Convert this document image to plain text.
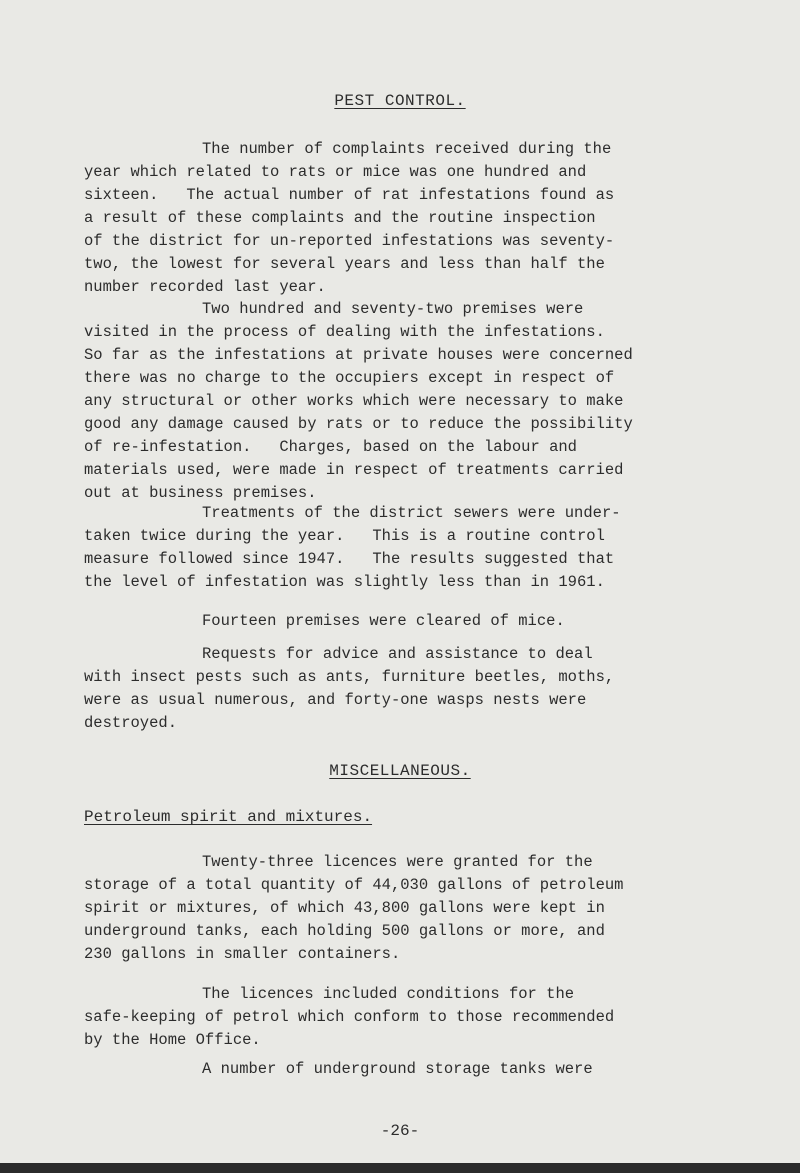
PEST CONTROL.

The number of complaints received during the
year which related to rats or mice was one hundred and
sixteen.   The actual number of rat infestations found as
a result of these complaints and the routine inspection
of the district for un-reported infestations was seventy-
two, the lowest for several years and less than half the
number recorded last year.

Two hundred and seventy-two premises were
visited in the process of dealing with the infestations.
So far as the infestations at private houses were concerned
there was no charge to the occupiers except in respect of
any structural or other works which were necessary to make
good any damage caused by rats or to reduce the possibility
of re-infestation.   Charges, based on the labour and
materials used, were made in respect of treatments carried
out at business premises.

Treatments of the district sewers were under-
taken twice during the year.   This is a routine control
measure followed since 1947.   The results suggested that
the level of infestation was slightly less than in 1961.

Fourteen premises were cleared of mice.

Requests for advice and assistance to deal
with insect pests such as ants, furniture beetles, moths,
were as usual numerous, and forty-one wasps nests were
destroyed.

MISCELLANEOUS.
Petroleum spirit and mixtures.

Twenty-three licences were granted for the
storage of a total quantity of 44,030 gallons of petroleum
spirit or mixtures, of which 43,800 gallons were kept in
underground tanks, each holding 500 gallons or more, and
230 gallons in smaller containers.

The licences included conditions for the
safe-keeping of petrol which conform to those recommended
by the Home Office.

A number of underground storage tanks were

-26-
